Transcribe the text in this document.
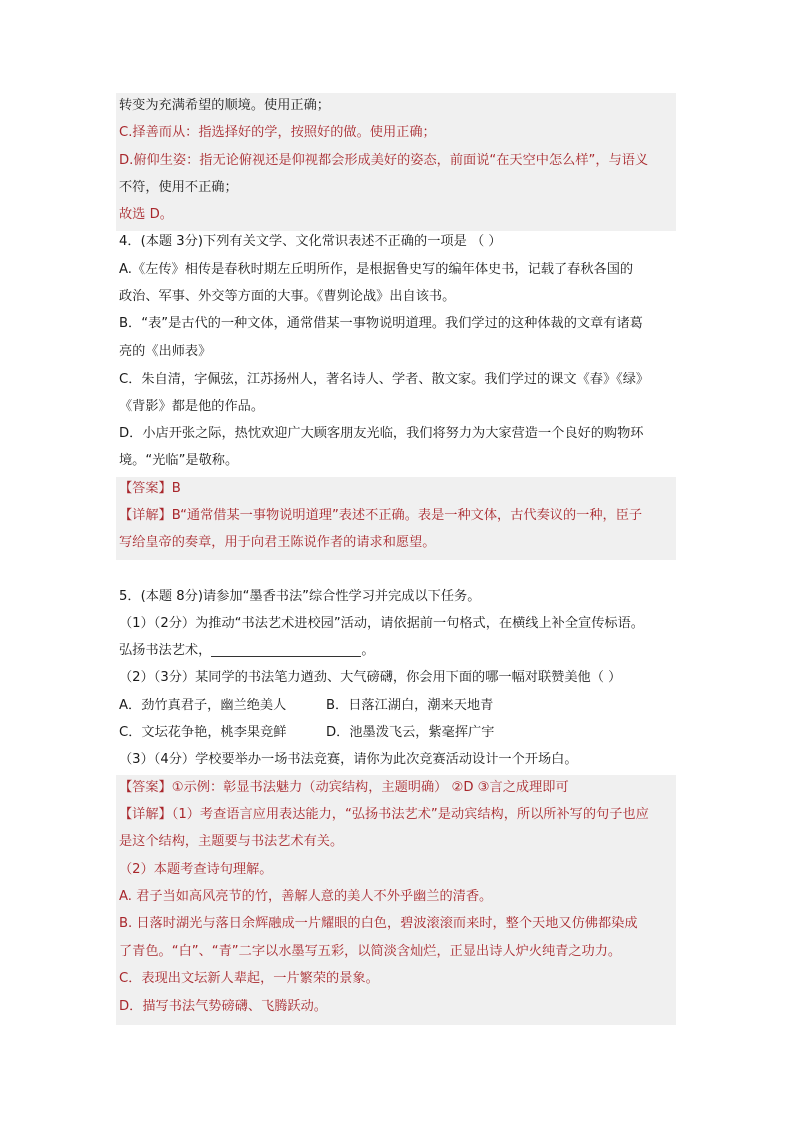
转变为充满希望的顺境。使用正确；
C.择善而从：指选择好的学，按照好的做。使用正确；
D.俯仰生姿：指无论俯视还是仰视都会形成美好的姿态，前面说“在天空中怎么样”，与语义
不符，使用不正确；
故选 D。
4．(本题 3分)下列有关文学、文化常识表述不正确的一项是 （ ）
A.《左传》相传是春秋时期左丘明所作，是根据鲁史写的编年体史书，记载了春秋各国的
政治、军事、外交等方面的大事。《曹刿论战》出自该书。
B．“表”是古代的一种文体，通常借某一事物说明道理。我们学过的这种体裁的文章有诸葛
亮的《出师表》
C．朱自清，字佩弦，江苏扬州人，著名诗人、学者、散文家。我们学过的课文《春》《绿》
《背影》都是他的作品。
D．小店开张之际，热忱欢迎广大顾客朋友光临，我们将努力为大家营造一个良好的购物环
境。“光临”是敬称。
【答案】B
【详解】B“通常借某一事物说明道理”表述不正确。表是一种文体，古代奏议的一种，臣子
写给皇帝的奏章，用于向君王陈说作者的请求和愿望。
5．(本题 8分)请参加“墨香书法”综合性学习并完成以下任务。
（1）（2分）为推动“书法艺术进校园”活动，请依据前一句格式，在横线上补全宣传标语。
弘扬书法艺术，	。
（2）（3分）某同学的书法笔力遒劲、大气磅礴，你会用下面的哪一幅对联赞美他（ ）
A．劲竹真君子，幽兰绝美人	B．日落江湖白，潮来天地青
C．文坛花争艳，桃李果竞鲜	D．池墨泼飞云，紫毫挥广宇
（3）（4分）学校要举办一场书法竞赛，请你为此次竞赛活动设计一个开场白。
【答案】①示例：彰显书法魅力（动宾结构，主题明确） ②D ③言之成理即可
【详解】（1）考查语言应用表达能力，“弘扬书法艺术”是动宾结构，所以所补写的句子也应
是这个结构，主题要与书法艺术有关。
（2）本题考查诗句理解。
A. 君子当如高风亮节的竹，善解人意的美人不外乎幽兰的清香。
B. 日落时湖光与落日余辉融成一片耀眼的白色，碧波滚滚而来时，整个天地又仿佛都染成
了青色。“白”、“青”二字以水墨写五彩，以简淡含灿烂，正显出诗人炉火纯青之功力。
C．表现出文坛新人辈起，一片繁荣的景象。
D．描写书法气势磅礴、飞腾跃动。
